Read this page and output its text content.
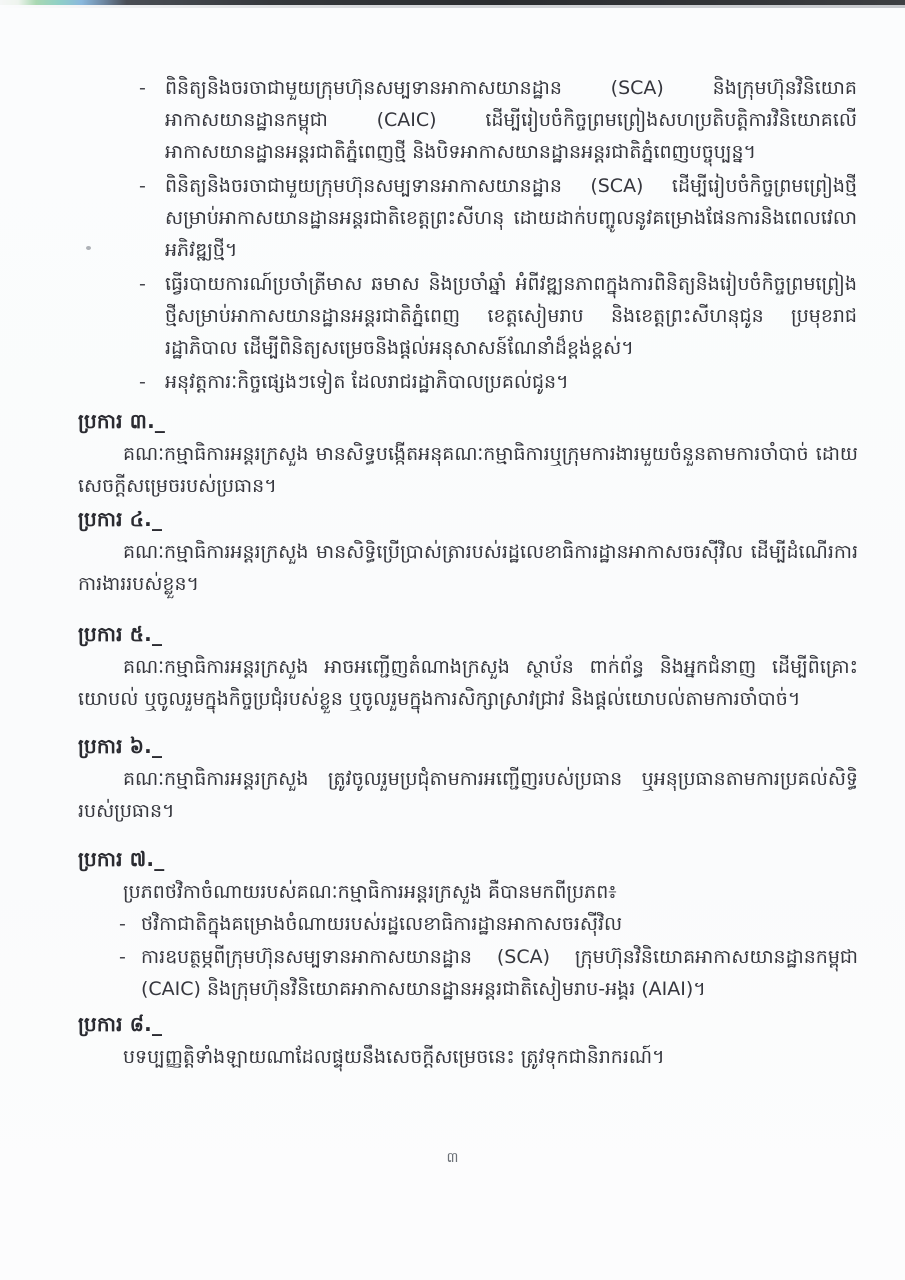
- ពិនិត្យនិងចរចាជាមួយក្រុមហ៊ុនសម្បទានអាកាសយានដ្ឋាន (SCA) និងក្រុមហ៊ុនវិនិយោគអាកាសយានដ្ឋានកម្ពុជា (CAIC) ដើម្បីរៀបចំកិច្ចព្រមព្រៀងសហប្រតិបត្តិការវិនិយោគលើអាកាសយានដ្ឋានអន្តរជាតិភ្នំពេញថ្មី និងបិទអាកាសយានដ្ឋានអន្តរជាតិភ្នំពេញបច្ចុប្បន្ន។
- ពិនិត្យនិងចរចាជាមួយក្រុមហ៊ុនសម្បទានអាកាសយានដ្ឋាន (SCA) ដើម្បីរៀបចំកិច្ចព្រមព្រៀងថ្មីសម្រាប់អាកាសយានដ្ឋានអន្តរជាតិខេត្តព្រះសីហនុ ដោយដាក់បញ្ចូលនូវគម្រោងផែនការនិងពេលវេលាអភិវឌ្ឍថ្មី។
- ធ្វើរបាយការណ៍ប្រចាំត្រីមាស ឆមាស និងប្រចាំឆ្នាំ អំពីវឌ្ឍនភាពក្នុងការពិនិត្យនិងរៀបចំកិច្ចព្រមព្រៀងថ្មីសម្រាប់អាកាសយានដ្ឋានអន្តរជាតិភ្នំពេញ ខេត្តសៀមរាប និងខេត្តព្រះសីហនុជូន ប្រមុខរាជរដ្ឋាភិបាល ដើម្បីពិនិត្យសម្រេចនិងផ្តល់អនុសាសន៍ណែនាំដ៏ខ្ពង់ខ្ពស់។
- អនុវត្តការៈកិច្ចផ្សេងៗទៀត ដែលរាជរដ្ឋាភិបាលប្រគល់ជូន។
ប្រការ ៣._

គណៈកម្មាធិការអន្តរក្រសួង មានសិទ្ធបង្កើតអនុគណៈកម្មាធិការឬក្រុមការងារមួយចំនួនតាមការចាំបាច់ ដោយសេចក្តីសម្រេចរបស់ប្រធាន។

ប្រការ ៤._

គណៈកម្មាធិការអន្តរក្រសួង មានសិទ្ធិប្រើប្រាស់ត្រារបស់រដ្ឋលេខាធិការដ្ឋានអាកាសចរស៊ីវិល ដើម្បីដំណើរការការងាររបស់ខ្លួន។

ប្រការ ៥._

គណៈកម្មាធិការអន្តរក្រសួង អាចអញ្ជើញតំណាងក្រសួង ស្ថាប័ន ពាក់ព័ន្ធ និងអ្នកជំនាញ ដើម្បីពិគ្រោះយោបល់ ឬចូលរួមក្នុងកិច្ចប្រជុំរបស់ខ្លួន ឬចូលរួមក្នុងការសិក្សាស្រាវជ្រាវ និងផ្តល់យោបល់តាមការចាំបាច់។

ប្រការ ៦._

គណៈកម្មាធិការអន្តរក្រសួង ត្រូវចូលរួមប្រជុំតាមការអញ្ជើញរបស់ប្រធាន ឬអនុប្រធានតាមការប្រគល់សិទ្ធិរបស់ប្រធាន។

ប្រការ ៧._

ប្រភពថវិកាចំណាយរបស់គណៈកម្មាធិការអន្តរក្រសួង គឺបានមកពីប្រភព៖

- ថវិកាជាតិក្នុងគម្រោងចំណាយរបស់រដ្ឋលេខាធិការដ្ឋានអាកាសចរស៊ីវិល
- ការឧបត្ថម្ភពីក្រុមហ៊ុនសម្បទានអាកាសយានដ្ឋាន (SCA) ក្រុមហ៊ុនវិនិយោគអាកាសយានដ្ឋានកម្ពុជា (CAIC) និងក្រុមហ៊ុនវិនិយោគអាកាសយានដ្ឋានអន្តរជាតិសៀមរាប-អង្គរ (AIAI)។
ប្រការ ៨._

បទប្បញ្ញត្តិទាំងឡាយណាដែលផ្ទុយនឹងសេចក្តីសម្រេចនេះ ត្រូវទុកជានិរាករណ៍។

៣
